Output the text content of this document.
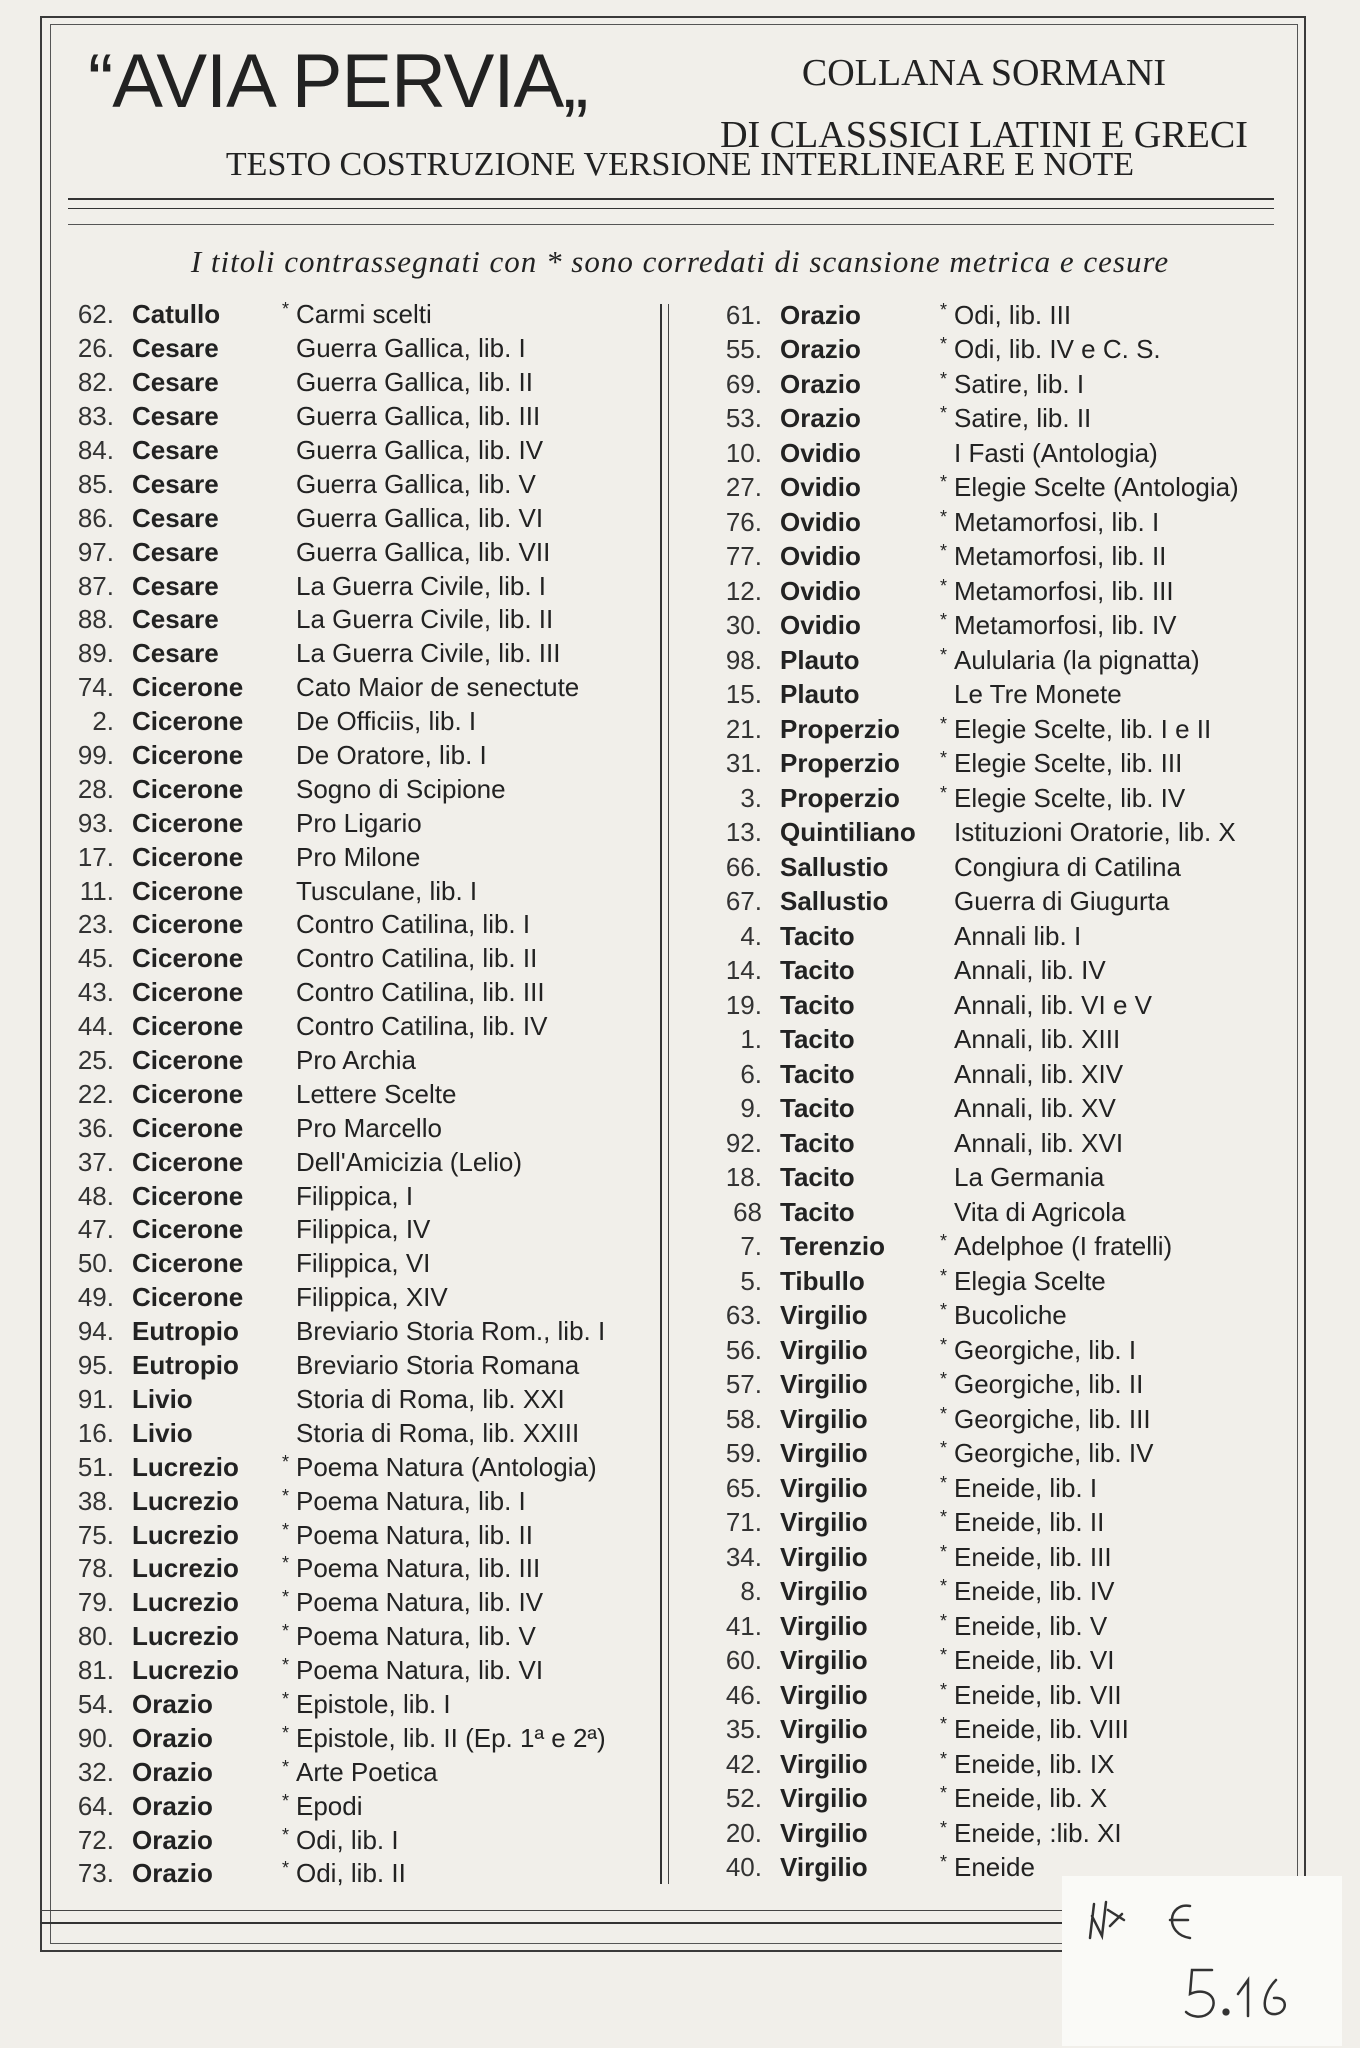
“AVIA PERVIA„	COLLANA SORMANI
DI CLASSSICI LATINI E GRECI
TESTO COSTRUZIONE VERSIONE INTERLINEARE E NOTE
I titoli contrassegnati con * sono corredati di scansione metrica e cesure
62. Catullo	* Carmi scelti
26. Cesare	Guerra Gallica, lib. I
82. Cesare	Guerra Gallica, lib. II
83. Cesare	Guerra Gallica, lib. III
84. Cesare	Guerra Gallica, lib. IV
85. Cesare	Guerra Gallica, lib. V
86. Cesare	Guerra Gallica, lib. VI
97. Cesare	Guerra Gallica, lib. VII
87. Cesare	La Guerra Civile, lib. I
88. Cesare	La Guerra Civile, lib. II
89. Cesare	La Guerra Civile, lib. III
74. Cicerone	Cato Maior de senectute
2. Cicerone	De Officiis, lib. I
99. Cicerone	De Oratore, lib. I
28. Cicerone	Sogno di Scipione
93. Cicerone	Pro Ligario
17. Cicerone	Pro Milone
11. Cicerone	Tusculane, lib. I
23. Cicerone	Contro Catilina, lib. I
45. Cicerone	Contro Catilina, lib. II
43. Cicerone	Contro Catilina, lib. III
44. Cicerone	Contro Catilina, lib. IV
25. Cicerone	Pro Archia
22. Cicerone	Lettere Scelte
36. Cicerone	Pro Marcello
37. Cicerone	Dell'Amicizia (Lelio)
48. Cicerone	Filippica, I
47. Cicerone	Filippica, IV
50. Cicerone	Filippica, VI
49. Cicerone	Filippica, XIV
94. Eutropio	Breviario Storia Rom., lib. I
95. Eutropio	Breviario Storia Romana
91. Livio	Storia di Roma, lib. XXI
16. Livio	Storia di Roma, lib. XXIII
51. Lucrezio	* Poema Natura (Antologia)
38. Lucrezio	* Poema Natura, lib. I
75. Lucrezio	* Poema Natura, lib. II
78. Lucrezio	* Poema Natura, lib. III
79. Lucrezio	* Poema Natura, lib. IV
80. Lucrezio	* Poema Natura, lib. V
81. Lucrezio	* Poema Natura, lib. VI
54. Orazio	* Epistole, lib. I
90. Orazio	* Epistole, lib. II (Ep. 1ª e 2ª)
32. Orazio	* Arte Poetica
64. Orazio	* Epodi
72. Orazio	* Odi, lib. I
73. Orazio	* Odi, lib. II
61. Orazio	* Odi, lib. III
55. Orazio	* Odi, lib. IV e C. S.
69. Orazio	* Satire, lib. I
53. Orazio	* Satire, lib. II
10. Ovidio	I Fasti (Antologia)
27. Ovidio	* Elegie Scelte (Antologia)
76. Ovidio	* Metamorfosi, lib. I
77. Ovidio	* Metamorfosi, lib. II
12. Ovidio	* Metamorfosi, lib. III
30. Ovidio	* Metamorfosi, lib. IV
98. Plauto	* Aulularia (la pignatta)
15. Plauto	Le Tre Monete
21. Properzio	* Elegie Scelte, lib. I e II
31. Properzio	* Elegie Scelte, lib. III
3. Properzio	* Elegie Scelte, lib. IV
13. Quintiliano	Istituzioni Oratorie, lib. X
66. Sallustio	Congiura di Catilina
67. Sallustio	Guerra di Giugurta
4. Tacito	Annali lib. I
14. Tacito	Annali, lib. IV
19. Tacito	Annali, lib. VI e V
1. Tacito	Annali, lib. XIII
6. Tacito	Annali, lib. XIV
9. Tacito	Annali, lib. XV
92. Tacito	Annali, lib. XVI
18. Tacito	La Germania
68 Tacito	Vita di Agricola
7. Terenzio	* Adelphoe (I fratelli)
5. Tibullo	* Elegia Scelte
63. Virgilio	* Bucoliche
56. Virgilio	* Georgiche, lib. I
57. Virgilio	* Georgiche, lib. II
58. Virgilio	* Georgiche, lib. III
59. Virgilio	* Georgiche, lib. IV
65. Virgilio	* Eneide, lib. I
71. Virgilio	* Eneide, lib. II
34. Virgilio	* Eneide, lib. III
8. Virgilio	* Eneide, lib. IV
41. Virgilio	* Eneide, lib. V
60. Virgilio	* Eneide, lib. VI
46. Virgilio	* Eneide, lib. VII
35. Virgilio	* Eneide, lib. VIII
42. Virgilio	* Eneide, lib. IX
52. Virgilio	* Eneide, lib. X
20. Virgilio	* Eneide, :lib. XI
40. Virgilio	* Eneide
